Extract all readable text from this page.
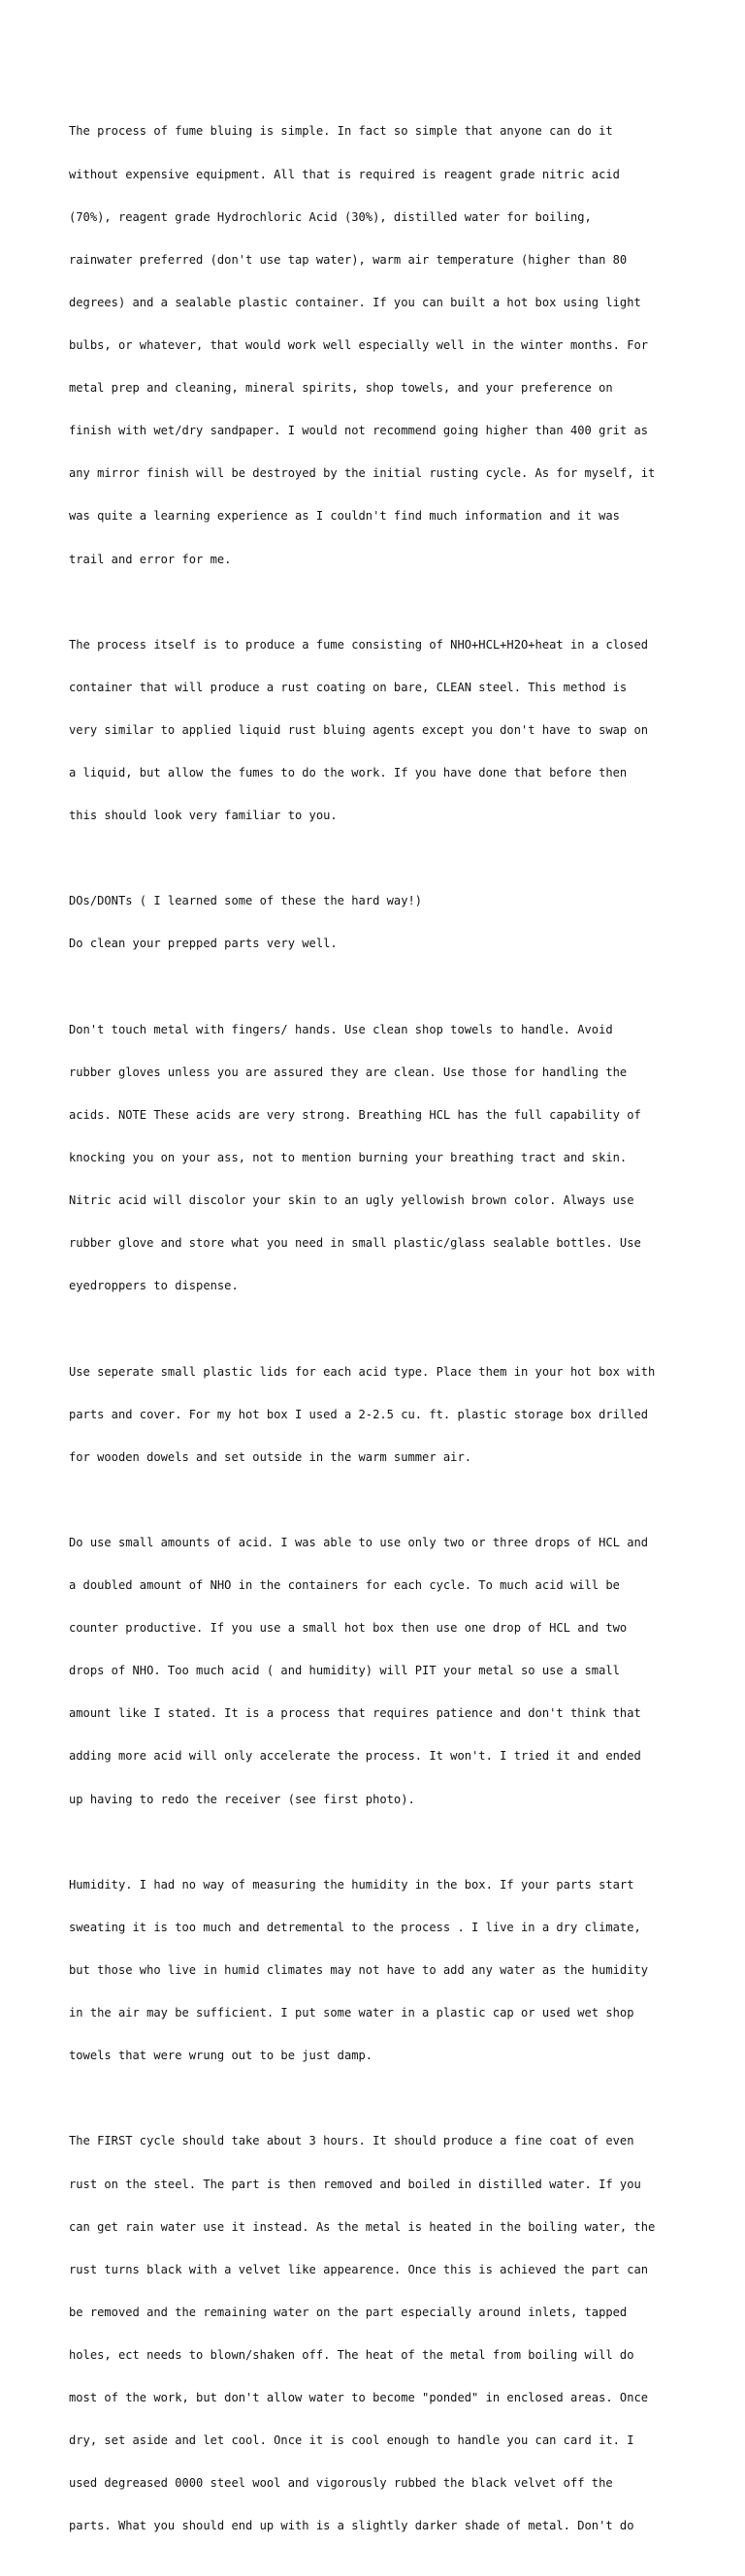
The process of fume bluing is simple. In fact so simple that anyone can do it

without expensive equipment. All that is required is reagent grade nitric acid

(70%), reagent grade Hydrochloric Acid (30%), distilled water for boiling,

rainwater preferred (don't use tap water), warm air temperature (higher than 80

degrees) and a sealable plastic container. If you can built a hot box using light

bulbs, or whatever, that would work well especially well in the winter months. For

metal prep and cleaning, mineral spirits, shop towels, and your preference on

finish with wet/dry sandpaper. I would not recommend going higher than 400 grit as

any mirror finish will be destroyed by the initial rusting cycle. As for myself, it

was quite a learning experience as I couldn't find much information and it was

trail and error for me.

The process itself is to produce a fume consisting of NHO+HCL+H2O+heat in a closed

container that will produce a rust coating on bare, CLEAN steel. This method is

very similar to applied liquid rust bluing agents except you don't have to swap on

a liquid, but allow the fumes to do the work. If you have done that before then

this should look very familiar to you.

DOs/DONTs ( I learned some of these the hard way!)

Do clean your prepped parts very well.

Don't touch metal with fingers/ hands. Use clean shop towels to handle. Avoid

rubber gloves unless you are assured they are clean. Use those for handling the

acids. NOTE These acids are very strong. Breathing HCL has the full capability of

knocking you on your ass, not to mention burning your breathing tract and skin.

Nitric acid will discolor your skin to an ugly yellowish brown color. Always use

rubber glove and store what you need in small plastic/glass sealable bottles. Use

eyedroppers to dispense.

Use seperate small plastic lids for each acid type. Place them in your hot box with

parts and cover. For my hot box I used a 2-2.5 cu. ft. plastic storage box drilled

for wooden dowels and set outside in the warm summer air.

Do use small amounts of acid. I was able to use only two or three drops of HCL and

a doubled amount of NHO in the containers for each cycle. To much acid will be

counter productive. If you use a small hot box then use one drop of HCL and two

drops of NHO. Too much acid ( and humidity) will PIT your metal so use a small

amount like I stated. It is a process that requires patience and don't think that

adding more acid will only accelerate the process. It won't. I tried it and ended

up having to redo the receiver (see first photo).

Humidity. I had no way of measuring the humidity in the box. If your parts start

sweating it is too much and detremental to the process . I live in a dry climate,

but those who live in humid climates may not have to add any water as the humidity

in the air may be sufficient. I put some water in a plastic cap or used wet shop

towels that were wrung out to be just damp.

The FIRST cycle should take about 3 hours. It should produce a fine coat of even

rust on the steel. The part is then removed and boiled in distilled water. If you

can get rain water use it instead. As the metal is heated in the boiling water, the

rust turns black with a velvet like appearence. Once this is achieved the part can

be removed and the remaining water on the part especially around inlets, tapped

holes, ect needs to blown/shaken off. The heat of the metal from boiling will do

most of the work, but don't allow water to become "ponded" in enclosed areas. Once

dry, set aside and let cool. Once it is cool enough to handle you can card it. I

used degreased 0000 steel wool and vigorously rubbed the black velvet off the

parts. What you should end up with is a slightly darker shade of metal. Don't do
